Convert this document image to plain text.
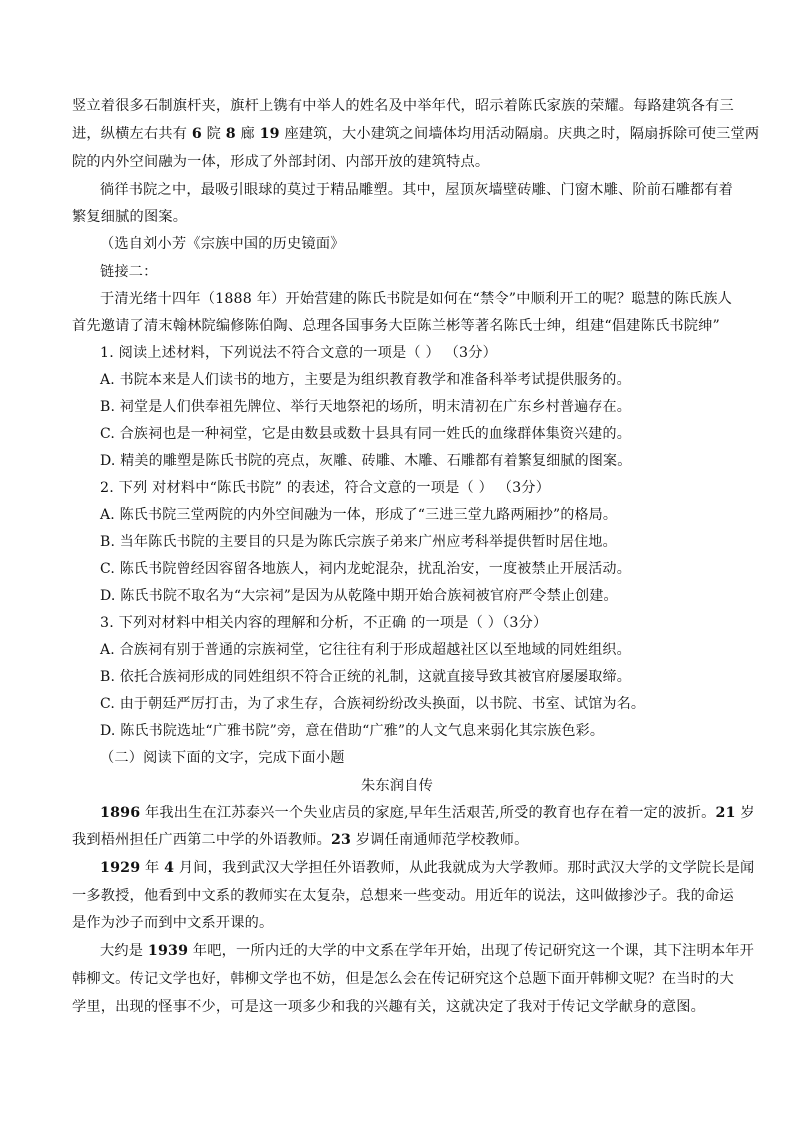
竖立着很多石制旗杆夹，旗杆上镌有中举人的姓名及中举年代，昭示着陈氏家族的荣耀。每路建筑各有三
进，纵横左右共有 6 院 8 廊 19 座建筑，大小建筑之间墙体均用活动隔扇。庆典之时，隔扇拆除可使三堂两
院的内外空间融为一体，形成了外部封闭、内部开放的建筑特点。
徜徉书院之中，最吸引眼球的莫过于精品雕塑。其中，屋顶灰墙壁砖雕、门窗木雕、阶前石雕都有着
繁复细腻的图案。
（选自刘小芳《宗族中国的历史镜面》
链接二：
于清光绪十四年（1888 年）开始营建的陈氏书院是如何在“禁令”中顺利开工的呢？聪慧的陈氏族人
首先邀请了清末翰林院编修陈伯陶、总理各国事务大臣陈兰彬等著名陈氏士绅，组建“倡建陈氏书院绅”
1. 阅读上述材料，下列说法不符合文意的一项是（ ） （3分）
A. 书院本来是人们读书的地方，主要是为组织教育教学和准备科举考试提供服务的。
B. 祠堂是人们供奉祖先牌位、举行天地祭祀的场所，明末清初在广东乡村普遍存在。
C. 合族祠也是一种祠堂，它是由数县或数十县具有同一姓氏的血缘群体集资兴建的。
D. 精美的雕塑是陈氏书院的亮点，灰雕、砖雕、木雕、石雕都有着繁复细腻的图案。
2. 下列 对材料中“陈氏书院” 的表述，符合文意的一项是（ ） （3分）
A. 陈氏书院三堂两院的内外空间融为一体，形成了“三进三堂九路两厢抄”的格局。
B. 当年陈氏书院的主要目的只是为陈氏宗族子弟来广州应考科举提供暂时居住地。
C. 陈氏书院曾经因容留各地族人，祠内龙蛇混杂，扰乱治安，一度被禁止开展活动。
D. 陈氏书院不取名为“大宗祠”是因为从乾隆中期开始合族祠被官府严令禁止创建。
3. 下列对材料中相关内容的理解和分析，不正确 的一项是（ ）（3分）
A. 合族祠有别于普通的宗族祠堂，它往往有利于形成超越社区以至地域的同姓组织。
B. 依托合族祠形成的同姓组织不符合正统的礼制，这就直接导致其被官府屡屡取缔。
C. 由于朝廷严厉打击，为了求生存，合族祠纷纷改头换面，以书院、书室、试馆为名。
D. 陈氏书院选址“广雅书院”旁，意在借助“广雅”的人文气息来弱化其宗族色彩。
（二）阅读下面的文字，完成下面小题
朱东润自传
1896 年我出生在江苏泰兴一个失业店员的家庭,早年生活艰苦,所受的教育也存在着一定的波折。21 岁
我到梧州担任广西第二中学的外语教师。23 岁调任南通师范学校教师。
1929 年 4 月间，我到武汉大学担任外语教师，从此我就成为大学教师。那时武汉大学的文学院长是闻
一多教授，他看到中文系的教师实在太复杂，总想来一些变动。用近年的说法，这叫做掺沙子。我的命运
是作为沙子而到中文系开课的。
大约是 1939 年吧，一所内迁的大学的中文系在学年开始，出现了传记研究这一个课，其下注明本年开
韩柳文。传记文学也好，韩柳文学也不妨，但是怎么会在传记研究这个总题下面开韩柳文呢？在当时的大
学里，出现的怪事不少，可是这一项多少和我的兴趣有关，这就决定了我对于传记文学献身的意图。
